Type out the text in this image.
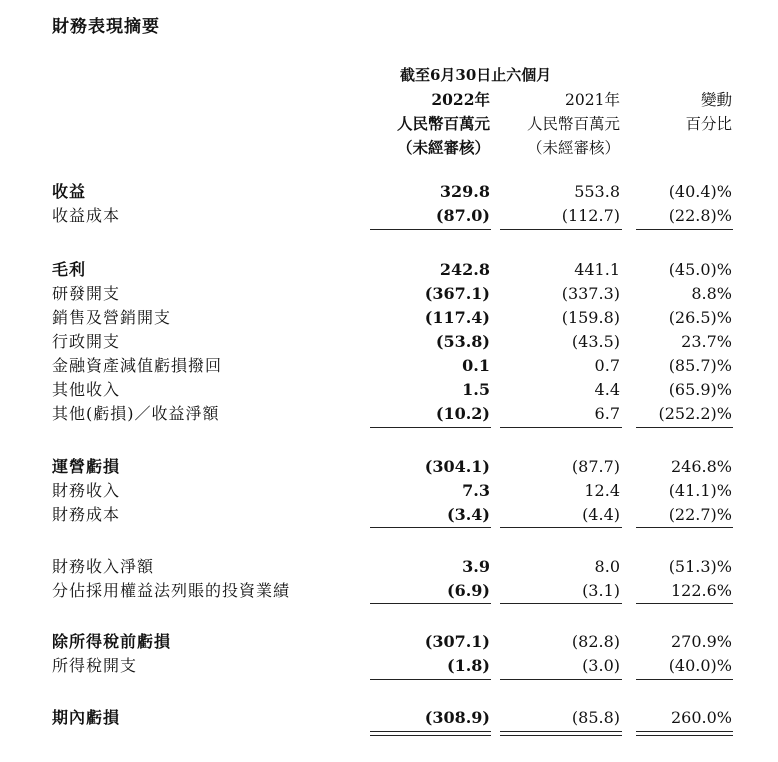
財務表現摘要
截至6月30日止六個月
2022年
人民幣百萬元
（未經審核）
2021年
人民幣百萬元
（未經審核）
變動
百分比
收益	329.8	553.8	(40.4)%
收益成本	(87.0)	(112.7)	(22.8)%
毛利	242.8	441.1	(45.0)%
研發開支	(367.1)	(337.3)	8.8%
銷售及營銷開支	(117.4)	(159.8)	(26.5)%
行政開支	(53.8)	(43.5)	23.7%
金融資產減值虧損撥回	0.1	0.7	(85.7)%
其他收入	1.5	4.4	(65.9)%
其他(虧損)／收益淨額	(10.2)	6.7 (252.2)%
運營虧損	(304.1)	(87.7)	246.8%
財務收入	7.3	12.4	(41.1)%
財務成本	(3.4)	(4.4)	(22.7)%
財務收入淨額	3.9	8.0	(51.3)%
分佔採用權益法列賬的投資業績	(6.9)	(3.1)	122.6%
除所得稅前虧損	(307.1)	(82.8)	270.9%
所得稅開支	(1.8)	(3.0)	(40.0)%
期內虧損	(308.9)	(85.8)	260.0%
